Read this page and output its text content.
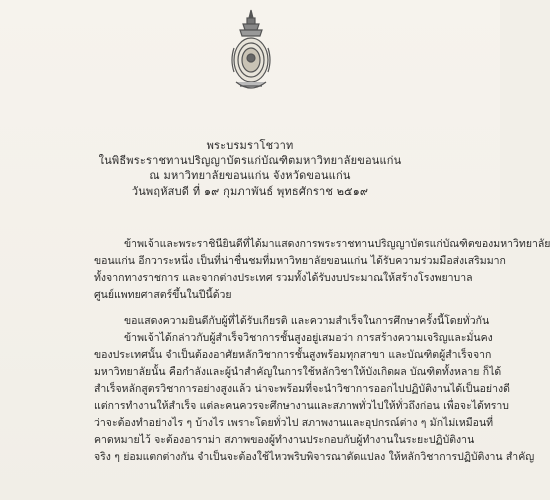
พระบรมราโชวาท
ในพิธีพระราชทานปริญญาบัตรแก่บัณฑิตมหาวิทยาลัยขอนแก่น
ณ มหาวิทยาลัยขอนแก่น จังหวัดขอนแก่น
วันพฤหัสบดี ที่ ๑๙ กุมภาพันธ์ พุทธศักราช ๒๕๑๙
ข้าพเจ้าและพระราชินียินดีที่ได้มาแสดงการพระราชทานปริญญาบัตรแก่บัณฑิตของมหาวิทยาลัย
ขอนแก่น อีกวาระหนึ่ง เป็นที่น่าชื่นชมที่มหาวิทยาลัยขอนแก่น ได้รับความร่วมมือส่งเสริมมาก
ทั้งจากทางราชการ และจากต่างประเทศ รวมทั้งได้รับงบประมาณให้สร้างโรงพยาบาล
ศูนย์แพทยศาสตร์ขึ้นในปีนี้ด้วย
ขอแสดงความยินดีกับผู้ที่ได้รับเกียรติ และความสำเร็จในการศึกษาครั้งนี้โดยทั่วกัน
ข้าพเจ้าได้กล่าวกับผู้สำเร็จวิชาการชั้นสูงอยู่เสมอว่า การสร้างความเจริญและมั่นคง
ของประเทศนั้น จำเป็นต้องอาศัยหลักวิชาการชั้นสูงพร้อมทุกสาขา และบัณฑิตผู้สำเร็จจาก
มหาวิทยาลัยนั้น คือกำลังและผู้นำสำคัญในการใช้หลักวิชาให้บังเกิดผล บัณฑิตทั้งหลาย ก็ได้
สำเร็จหลักสูตรวิชาการอย่างสูงแล้ว น่าจะพร้อมที่จะนำวิชาการออกไปปฏิบัติงานได้เป็นอย่างดี
แต่การทำงานให้สำเร็จ แต่ละคนควรจะศึกษางานและสภาพทั่วไปให้ทั่วถึงก่อน เพื่อจะได้ทราบ
ว่าจะต้องทำอย่างไร ๆ บ้างไร เพราะโดยทั่วไป สภาพงานและอุปกรณ์ต่าง ๆ มักไม่เหมือนที่
คาดหมายไว้ จะต้องอาราม่า สภาพของผู้ทำงานประกอบกับผู้ทำงานในระยะปฏิบัติงาน
จริง ๆ ย่อมแตกต่างกัน จำเป็นจะต้องใช้ไหวพริบพิจารณาดัดแปลง ให้หลักวิชาการปฏิบัติงาน สำคัญ
